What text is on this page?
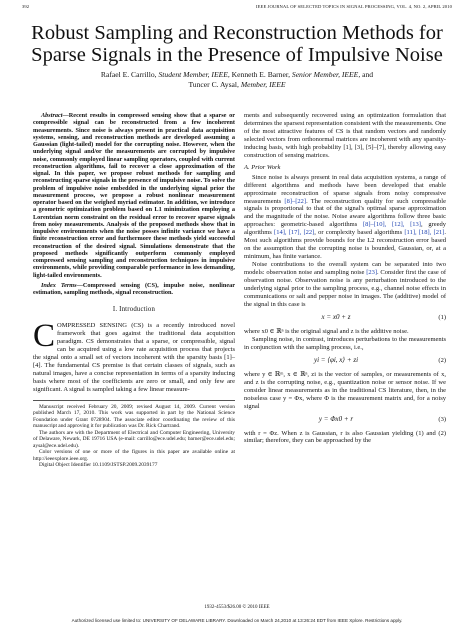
392	IEEE JOURNAL OF SELECTED TOPICS IN SIGNAL PROCESSING, VOL. 4, NO. 2, APRIL 2010
Robust Sampling and Reconstruction Methods for
Sparse Signals in the Presence of Impulsive Noise
Rafael E. Carrillo, Student Member, IEEE, Kenneth E. Barner, Senior Member, IEEE, and
Tuncer C. Aysal, Member, IEEE

Abstract—Recent results in compressed sensing show that a sparse or compressible signal can be reconstructed from a few incoherent measurements. Since noise is always present in practical data acquisition systems, sensing, and reconstruction methods are developed assuming a Gaussian (light-tailed) model for the corrupting noise. However, when the underlying signal and/or the measurements are corrupted by impulsive noise, commonly employed linear sampling operators, coupled with current reconstruction algorithms, fail to recover a close approximation of the signal. In this paper, we propose robust methods for sampling and reconstructing sparse signals in the presence of impulsive noise. To solve the problem of impulsive noise embedded in the underlying signal prior the measurement process, we propose a robust nonlinear measurement operator based on the weighed myriad estimator. In addition, we introduce a geometric optimization problem based on L1 minimization employing a Lorentzian norm constraint on the residual error to recover sparse signals from noisy measurements. Analysis of the proposed methods show that in impulsive environments when the noise posses infinite variance we have a finite reconstruction error and furthermore these methods yield successful reconstruction of the desired signal. Simulations demonstrate that the proposed methods significantly outperform commonly employed compressed sensing sampling and reconstruction techniques in impulsive environments, while providing comparable performance in less demanding, light-tailed environments.

Index Terms—Compressed sensing (CS), impulse noise, nonlinear estimation, sampling methods, signal reconstruction.

I. Introduction

COMPRESSED SENSING (CS) is a recently introduced novel framework that goes against the traditional data acquisition paradigm. CS demonstrates that a sparse, or compressible, signal can be acquired using a low rate acquisition process that projects the signal onto a small set of vectors incoherent with the sparsity basis [1]–[4]. The fundamental CS premise is that certain classes of signals, such as natural images, have a concise representation in terms of a sparsity inducing basis where most of the coefficients are zero or small, and only few are significant. A signal is sampled taking a few linear measure-

Manuscript received February 20, 2009; revised August 14, 2009. Current version published March 17, 2010. This work was supported in part by the National Science Foundation under Grant 0728904. The associate editor coordinating the review of this manuscript and approving it for publication was Dr. Rick Chartrand.

The authors are with the Department of Electrical and Computer Engineering, University of Delaware, Newark, DE 19716 USA (e-mail: carrillo@ece.udel.edu; barner@ece.udel.edu; aysal@ece.udel.edu).

Color versions of one or more of the figures in this paper are available online at http://ieeexplore.ieee.org.

Digital Object Identifier 10.1109/JSTSP.2009.2039177

ments and subsequently recovered using an optimization formulation that determines the sparsest representation consistent with the measurements. One of the most attractive features of CS is that random vectors and randomly selected vectors from orthonormal matrices are incoherent with any sparsity-inducing basis, with high probability [1], [3], [5]–[7], thereby allowing easy construction of sensing matrices.

A. Prior Work

Since noise is always present in real data acquisition systems, a range of different algorithms and methods have been developed that enable approximate reconstruction of sparse signals from noisy compressive measurements [8]–[22]. The reconstruction quality for such compressible signals is proportional to that of the signal's optimal sparse approximation and the magnitude of the noise. Noise aware algorithms follow three basic approaches: geometric-based algorithms [8]–[10], [12], [13], greedy algorithms [14], [17], [22], or complexity based algorithms [11], [18], [21]. Most such algorithms provide bounds for the L2 reconstruction error based on the assumption that the corrupting noise is bounded, Gaussian, or, at a minimum, has finite variance.

Noise contributions to the overall system can be separated into two models: observation noise and sampling noise [23]. Consider first the case of observation noise. Observation noise is any perturbation introduced to the underlying signal prior to the sampling process, e.g., channel noise effects in communications or salt and pepper noise in images. The (additive) model of the signal in this case is

x = x0 + z	(1)

where x0 ∈ ℝⁿ is the original signal and z is the additive noise.

Sampling noise, in contrast, introduces perturbations to the measurements in conjunction with the sampling process, i.e.,

yi = ⟨φi, x⟩ + zi	(2)

where y ∈ ℝᵐ, x ∈ ℝⁿ, zi is the vector of samples, or measurements of x, and z is the corrupting noise, e.g., quantization noise or sensor noise. If we consider linear measurements as in the traditional CS literature, then, in the noiseless case y = Φx, where Φ is the measurement matrix and, for a noisy signal

y = Φx0 + r	(3)

with r = Φz. When z is Gaussian, r is also Gaussian yielding (1) and (2) similar; therefore, they can be approached by the

1932-4553/$26.00 © 2010 IEEE
Authorized licensed use limited to: UNIVERSITY OF DELAWARE LIBRARY. Downloaded on March 24,2010 at 13:26:24 EDT from IEEE Xplore. Restrictions apply.
